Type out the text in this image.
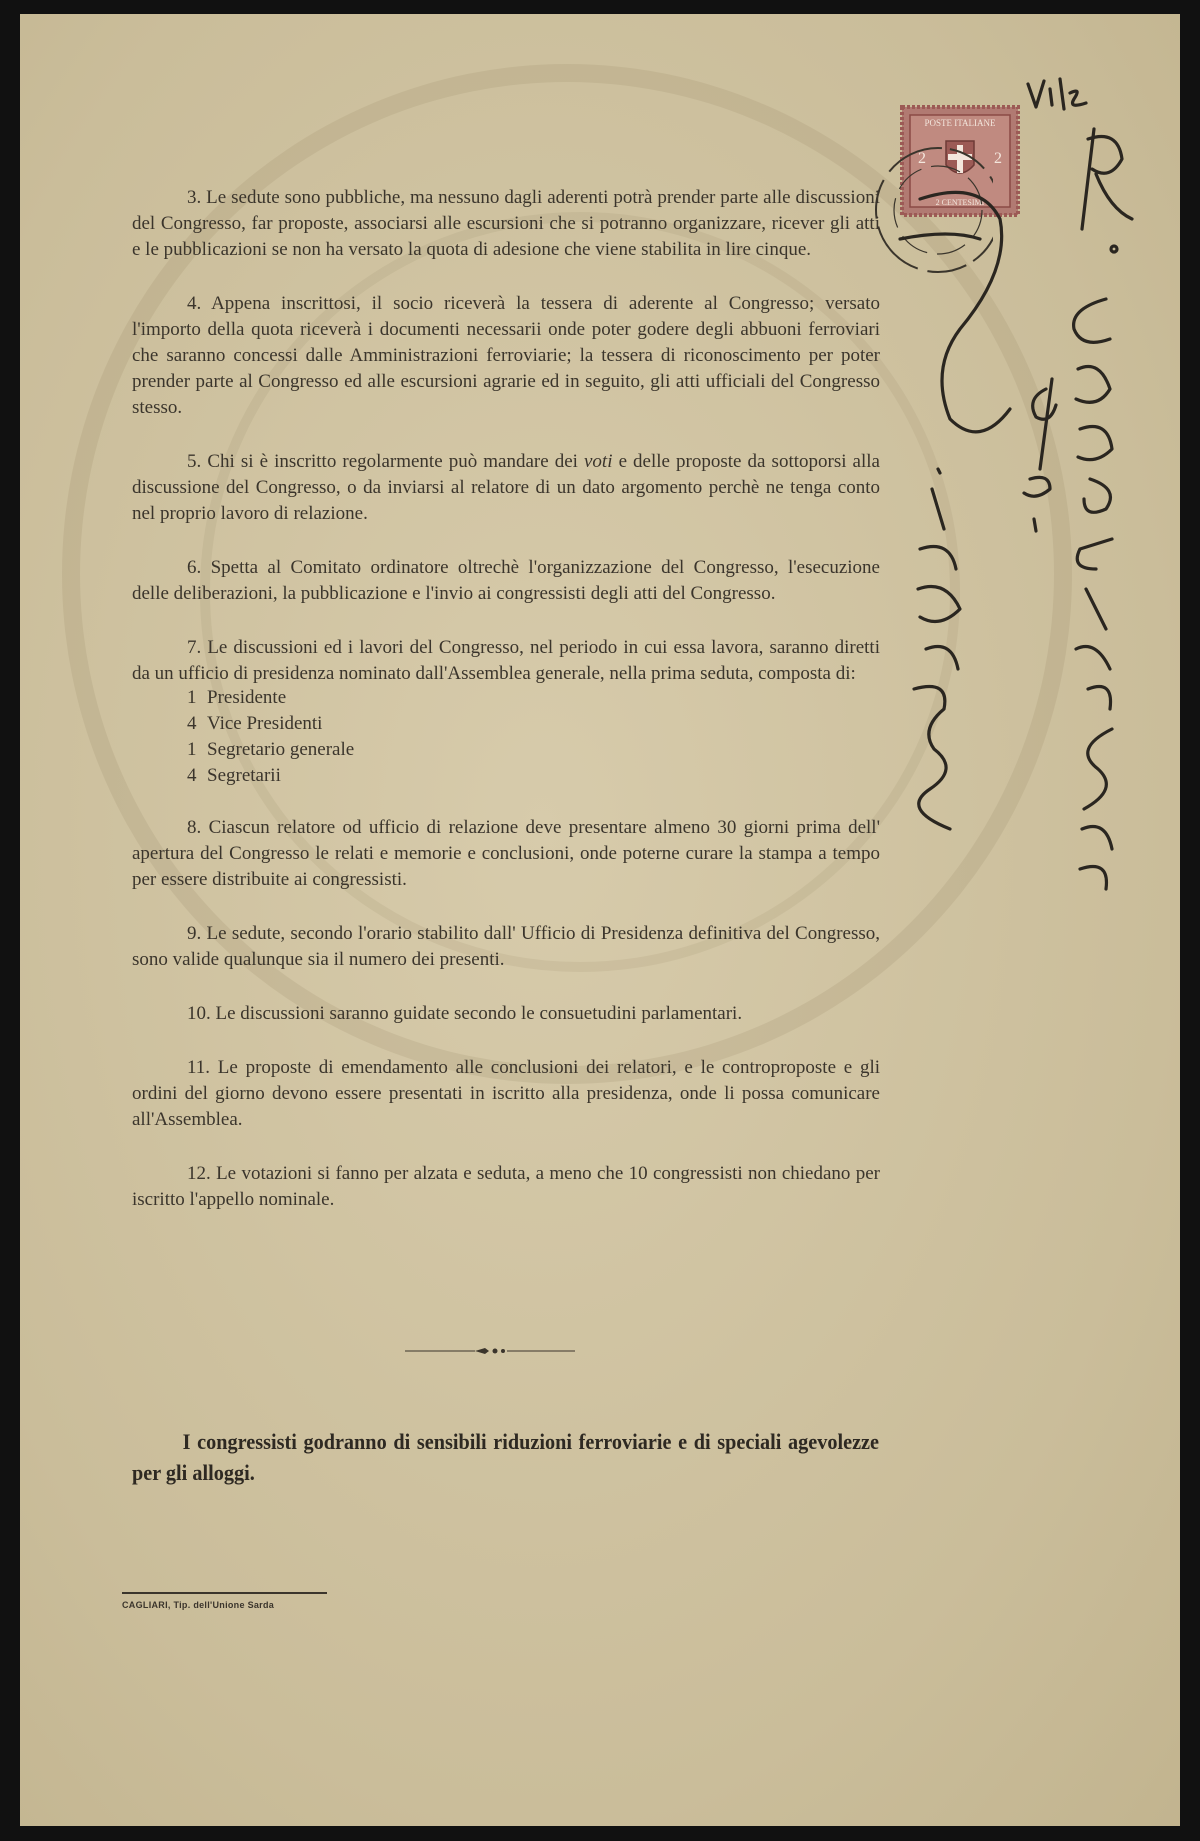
POSTE ITALIANE
2	2
2 CENTESIMI

3. Le sedute sono pubbliche, ma nessuno dagli aderenti potrà prender parte alle discussioni del Congresso, far proposte, associarsi alle escursioni che si potranno organizzare, ricever gli atti e le pubblicazioni se non ha versato la quota di adesione che viene stabilita in lire cinque.

4. Appena inscrittosi, il socio riceverà la tessera di aderente al Congresso; versato l'importo della quota riceverà i documenti necessarii onde poter godere degli abbuoni ferroviari che saranno concessi dalle Amministrazioni ferroviarie; la tessera di riconoscimento per poter prender parte al Congresso ed alle escursioni agrarie ed in seguito, gli atti ufficiali del Congresso stesso.

5. Chi si è inscritto regolarmente può mandare dei voti e delle proposte da sottoporsi alla discussione del Congresso, o da inviarsi al relatore di un dato argomento perchè ne tenga conto nel proprio lavoro di relazione.

6. Spetta al Comitato ordinatore oltrechè l'organizzazione del Congresso, l'esecuzione delle deliberazioni, la pubblicazione e l'invio ai congressisti degli atti del Congresso.

7. Le discussioni ed i lavori del Congresso, nel periodo in cui essa lavora, saranno diretti da un ufficio di presidenza nominato dall'Assemblea generale, nella prima seduta, composta di:

1 Presidente
4 Vice Presidenti
1 Segretario generale
4 Segretarii

8. Ciascun relatore od ufficio di relazione deve presentare almeno 30 giorni prima dell' apertura del Congresso le relati e memorie e conclusioni, onde poterne curare la stampa a tempo per essere distribuite ai congressisti.

9. Le sedute, secondo l'orario stabilito dall' Ufficio di Presidenza definitiva del Congresso, sono valide qualunque sia il numero dei presenti.

10. Le discussioni saranno guidate secondo le consuetudini parlamentari.

11. Le proposte di emendamento alle conclusioni dei relatori, e le controproposte e gli ordini del giorno devono essere presentati in iscritto alla presidenza, onde li possa comunicare all'Assemblea.

12. Le votazioni si fanno per alzata e seduta, a meno che 10 congressisti non chiedano per iscritto l'appello nominale.

I congressisti godranno di sensibili riduzioni ferroviarie e di speciali agevolezze per gli alloggi.
CAGLIARI, Tip. dell'Unione Sarda
